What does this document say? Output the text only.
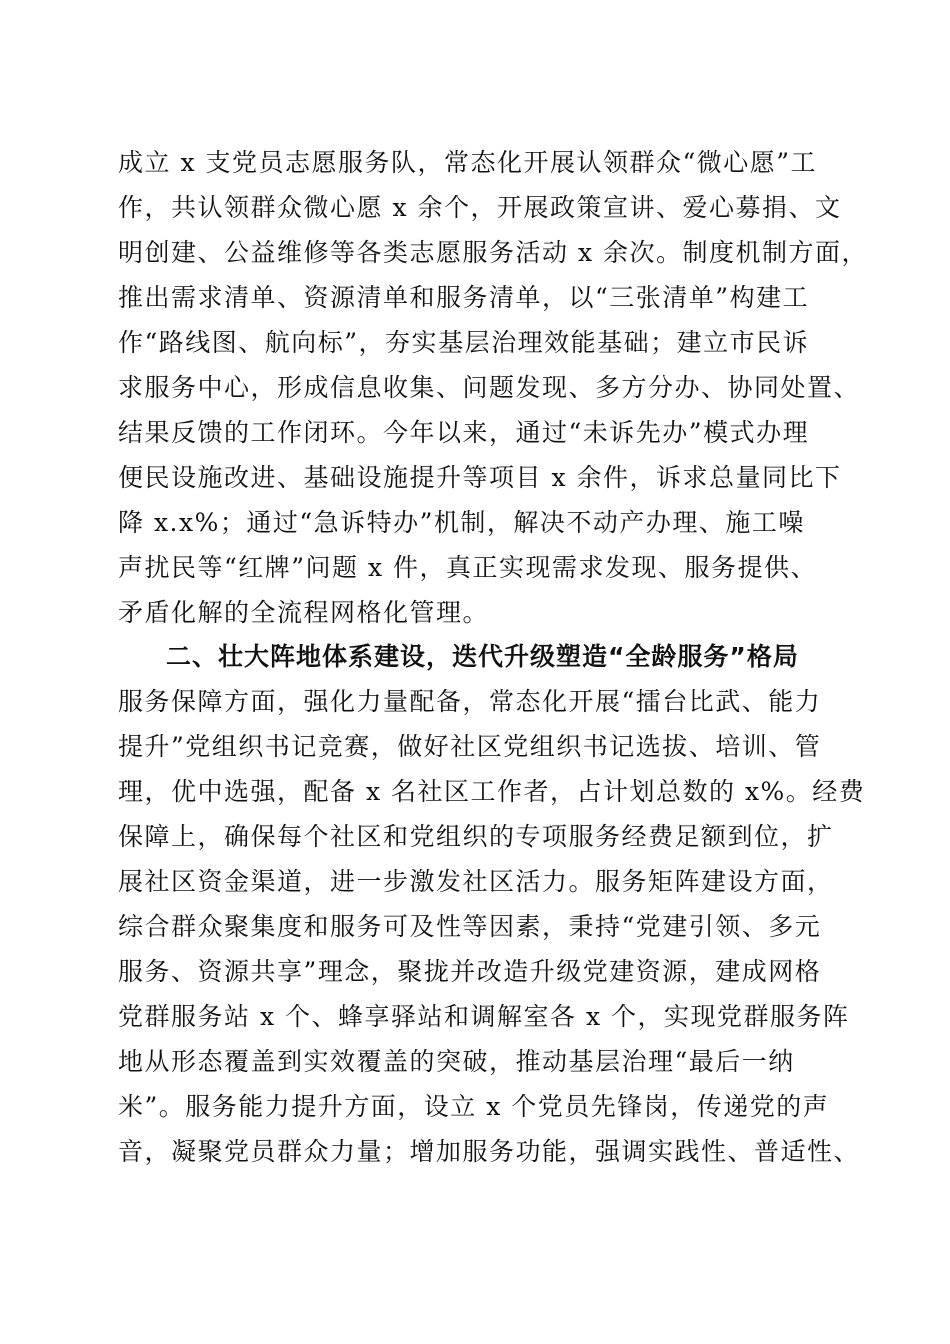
成立 x 支党员志愿服务队，常态化开展认领群众“微心愿”工
作，共认领群众微心愿 x 余个，开展政策宣讲、爱心募捐、文
明创建、公益维修等各类志愿服务活动 x 余次。制度机制方面，
推出需求清单、资源清单和服务清单，以“三张清单”构建工
作“路线图、航向标”，夯实基层治理效能基础；建立市民诉
求服务中心，形成信息收集、问题发现、多方分办、协同处置、
结果反馈的工作闭环。今年以来，通过“未诉先办”模式办理
便民设施改进、基础设施提升等项目 x 余件，诉求总量同比下
降 x.x%；通过“急诉特办”机制，解决不动产办理、施工噪
声扰民等“红牌”问题 x 件，真正实现需求发现、服务提供、
矛盾化解的全流程网格化管理。
二、壮大阵地体系建设，迭代升级塑造“全龄服务”格局
服务保障方面，强化力量配备，常态化开展“擂台比武、能力
提升”党组织书记竞赛，做好社区党组织书记选拔、培训、管
理，优中选强，配备 x 名社区工作者，占计划总数的 x%。经费
保障上，确保每个社区和党组织的专项服务经费足额到位，扩
展社区资金渠道，进一步激发社区活力。服务矩阵建设方面，
综合群众聚集度和服务可及性等因素，秉持“党建引领、多元
服务、资源共享”理念，聚拢并改造升级党建资源，建成网格
党群服务站 x 个、蜂享驿站和调解室各 x 个，实现党群服务阵
地从形态覆盖到实效覆盖的突破，推动基层治理“最后一纳
米”。服务能力提升方面，设立 x 个党员先锋岗，传递党的声
音，凝聚党员群众力量；增加服务功能，强调实践性、普适性、
